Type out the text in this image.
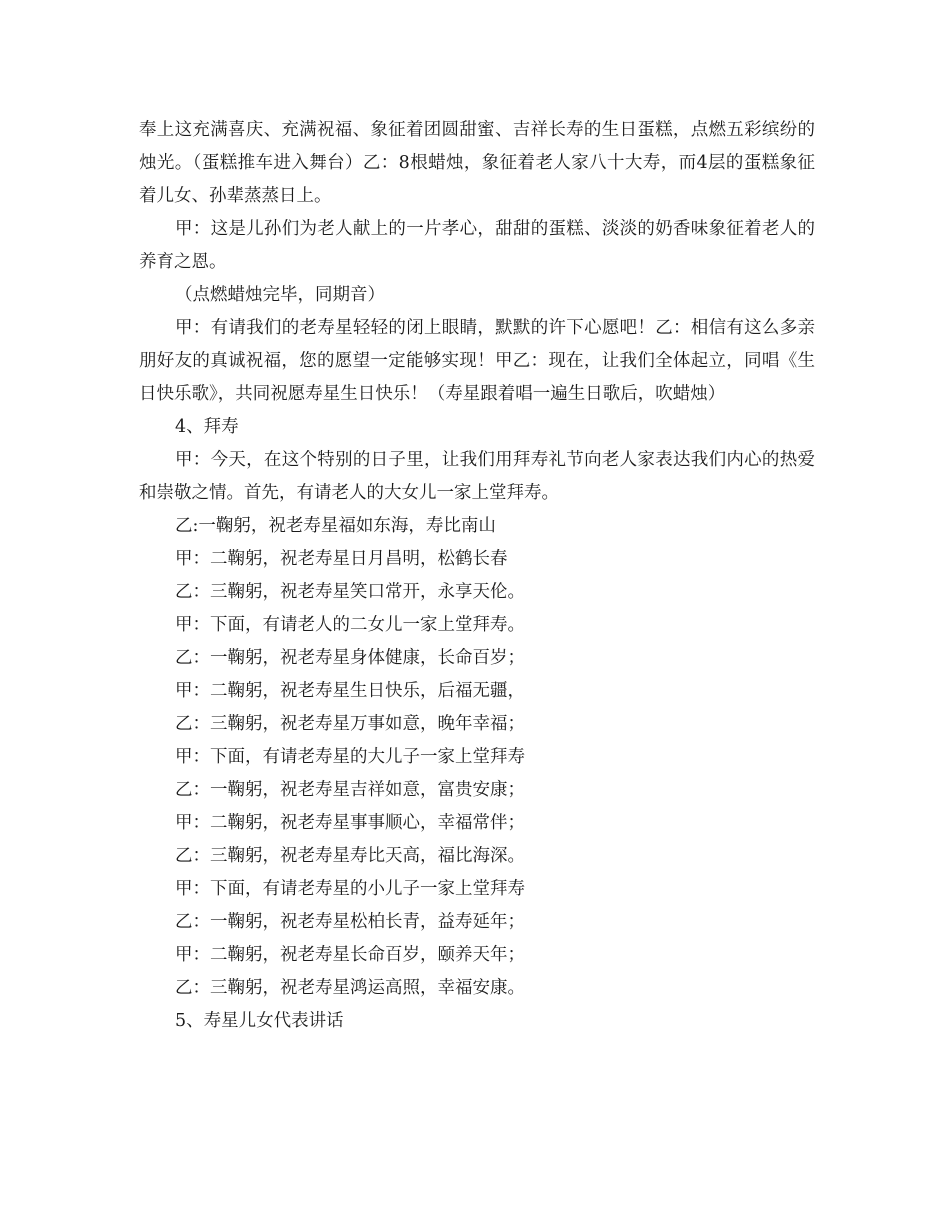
奉上这充满喜庆、充满祝福、象征着团圆甜蜜、吉祥长寿的生日蛋糕，点燃五彩缤纷的烛光。（蛋糕推车进入舞台）乙：8根蜡烛，象征着老人家八十大寿，而4层的蛋糕象征着儿女、孙辈蒸蒸日上。

甲：这是儿孙们为老人献上的一片孝心，甜甜的蛋糕、淡淡的奶香味象征着老人的养育之恩。

（点燃蜡烛完毕，同期音）

甲：有请我们的老寿星轻轻的闭上眼睛，默默的许下心愿吧！乙：相信有这么多亲朋好友的真诚祝福，您的愿望一定能够实现！甲乙：现在，让我们全体起立，同唱《生日快乐歌》，共同祝愿寿星生日快乐！（寿星跟着唱一遍生日歌后，吹蜡烛）

4、拜寿

甲：今天，在这个特别的日子里，让我们用拜寿礼节向老人家表达我们内心的热爱和崇敬之情。首先，有请老人的大女儿一家上堂拜寿。

乙:一鞠躬，祝老寿星福如东海，寿比南山

甲：二鞠躬，祝老寿星日月昌明，松鹤长春

乙：三鞠躬，祝老寿星笑口常开，永享天伦。

甲：下面，有请老人的二女儿一家上堂拜寿。

乙：一鞠躬，祝老寿星身体健康，长命百岁；

甲：二鞠躬，祝老寿星生日快乐，后福无疆，

乙：三鞠躬，祝老寿星万事如意，晚年幸福；

甲：下面，有请老寿星的大儿子一家上堂拜寿

乙：一鞠躬，祝老寿星吉祥如意，富贵安康；

甲：二鞠躬，祝老寿星事事顺心，幸福常伴；

乙：三鞠躬，祝老寿星寿比天高，福比海深。

甲：下面，有请老寿星的小儿子一家上堂拜寿

乙：一鞠躬，祝老寿星松柏长青，益寿延年；

甲：二鞠躬，祝老寿星长命百岁，颐养天年；

乙：三鞠躬，祝老寿星鸿运高照，幸福安康。

5、寿星儿女代表讲话
